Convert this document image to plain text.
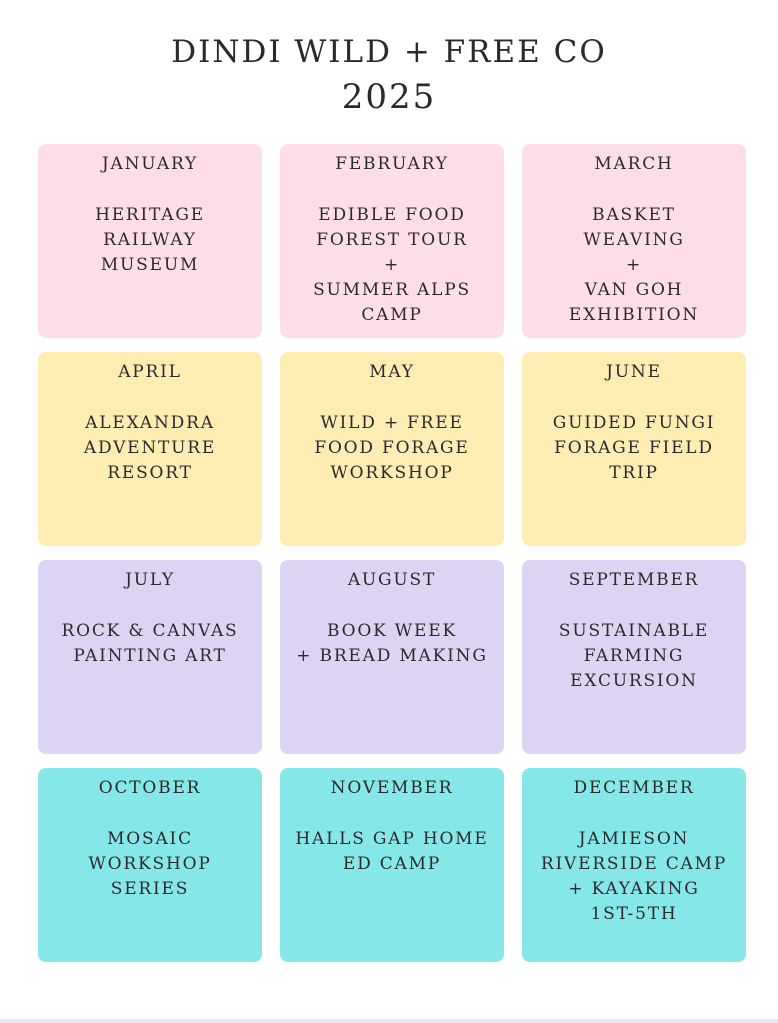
DINDI WILD + FREE CO
2025
JANUARY
HERITAGE
RAILWAY
MUSEUM
FEBRUARY
EDIBLE FOOD
FOREST TOUR
+
SUMMER ALPS
CAMP
MARCH
BASKET
WEAVING
+
VAN GOH
EXHIBITION
APRIL
ALEXANDRA
ADVENTURE
RESORT
MAY
WILD + FREE
FOOD FORAGE
WORKSHOP
JUNE
GUIDED FUNGI
FORAGE FIELD
TRIP
JULY
ROCK & CANVAS
PAINTING ART
AUGUST
BOOK WEEK
+ BREAD MAKING
SEPTEMBER
SUSTAINABLE
FARMING
EXCURSION
OCTOBER
MOSAIC
WORKSHOP SERIES
NOVEMBER
HALLS GAP HOME
ED CAMP
DECEMBER
JAMIESON
RIVERSIDE CAMP
+ KAYAKING
1ST-5TH
